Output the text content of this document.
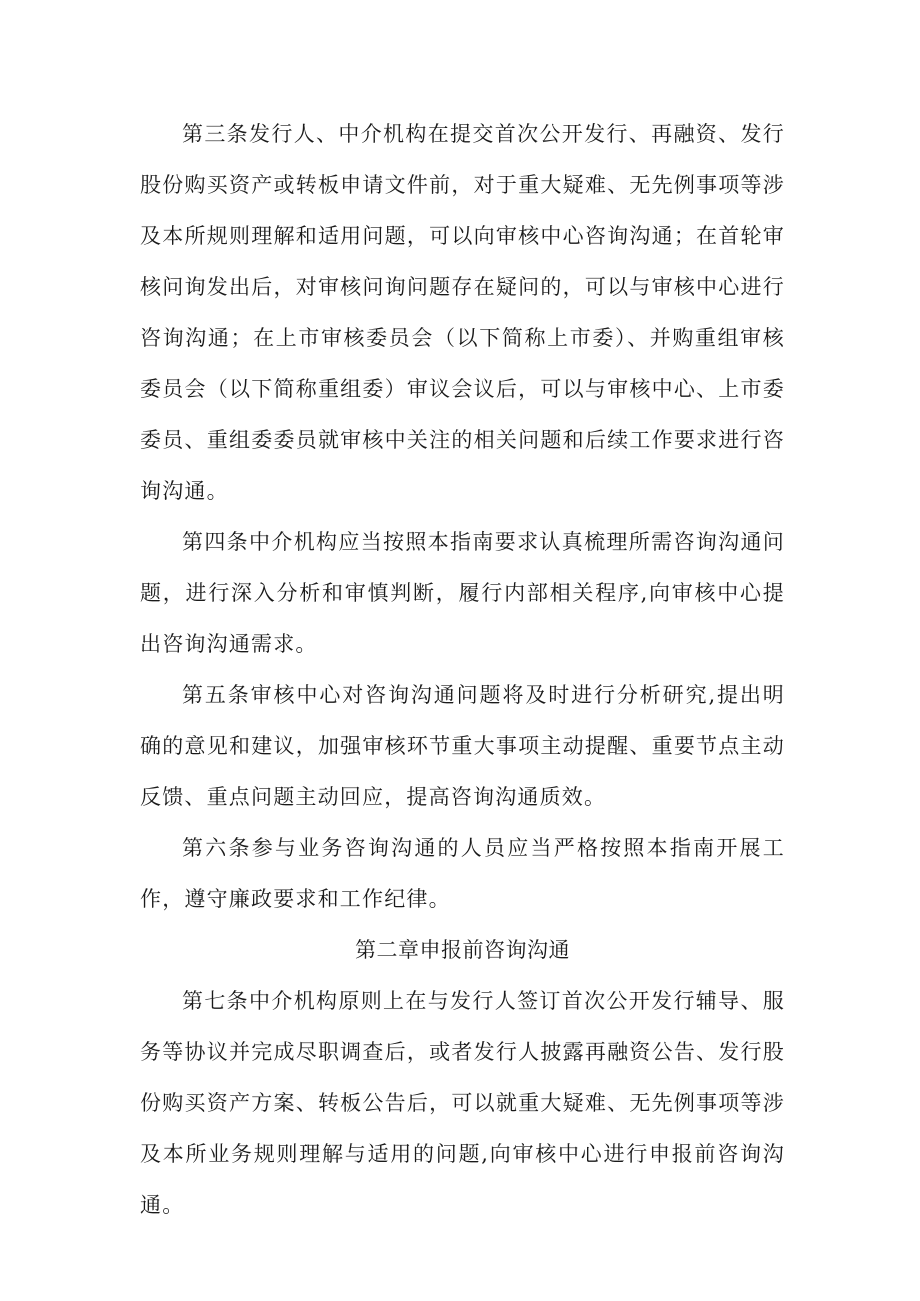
第三条发行人、中介机构在提交首次公开发行、再融资、发行股份购买资产或转板申请文件前，对于重大疑难、无先例事项等涉及本所规则理解和适用问题，可以向审核中心咨询沟通；在首轮审核问询发出后，对审核问询问题存在疑问的，可以与审核中心进行咨询沟通；在上市审核委员会（以下简称上市委）、并购重组审核委员会（以下简称重组委）审议会议后，可以与审核中心、上市委委员、重组委委员就审核中关注的相关问题和后续工作要求进行咨询沟通。

第四条中介机构应当按照本指南要求认真梳理所需咨询沟通问题，进行深入分析和审慎判断，履行内部相关程序,向审核中心提出咨询沟通需求。

第五条审核中心对咨询沟通问题将及时进行分析研究,提出明确的意见和建议，加强审核环节重大事项主动提醒、重要节点主动反馈、重点问题主动回应，提高咨询沟通质效。

第六条参与业务咨询沟通的人员应当严格按照本指南开展工作，遵守廉政要求和工作纪律。

第二章申报前咨询沟通

第七条中介机构原则上在与发行人签订首次公开发行辅导、服务等协议并完成尽职调查后，或者发行人披露再融资公告、发行股份购买资产方案、转板公告后，可以就重大疑难、无先例事项等涉及本所业务规则理解与适用的问题,向审核中心进行申报前咨询沟通。
